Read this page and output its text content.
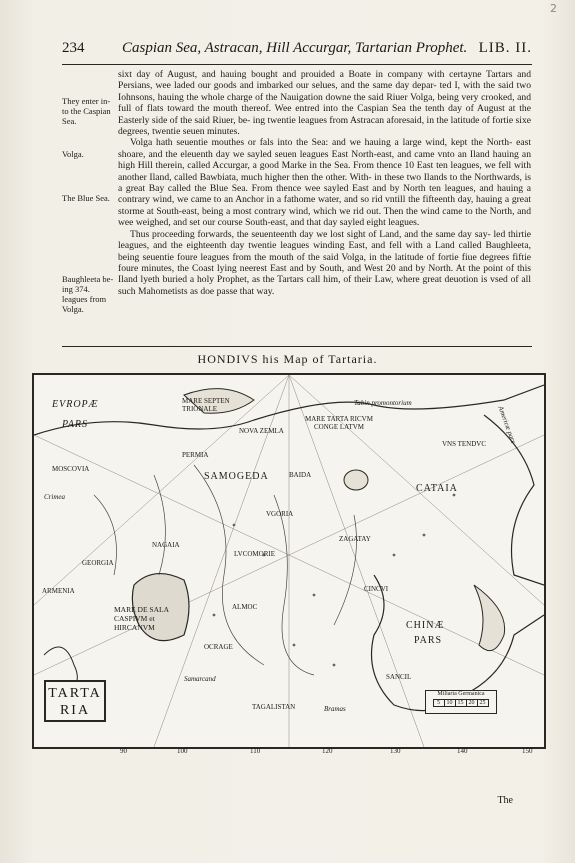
2
234	Caspian Sea, Astracan, Hill Accurgar, Tartarian Prophet. LIB. II.
They enter in- to the Caspian Sea.
Volga.
The Blue Sea.
Baughleeta be- ing 374. leagues from Volga.

sixt day of August, and hauing bought and prouided a Boate in company with certayne Tartars and Persians, wee laded our goods and imbarked our selues, and the same day depar- ted I, with the said two Iohnsons, hauing the whole charge of the Nauigation downe the said Riuer Volga, being very crooked, and full of flats toward the mouth thereof. Wee entred into the Caspian Sea the tenth day of August at the Easterly side of the said Riuer, be- ing twentie leagues from Astracan aforesaid, in the latitude of fortie sixe degrees, twentie seuen minutes.

Volga hath seuentie mouthes or fals into the Sea: and we hauing a large wind, kept the North- east shoare, and the eleuenth day we sayled seuen leagues East North-east, and came vnto an Iland hauing an high Hill therein, called Accurgar, a good Marke in the Sea. From thence 10 East ten leagues, we fell with another Iland, called Bawbiata, much higher then the other. With- in these two Ilands to the Northwards, is a great Bay called the Blue Sea. From thence wee sayled East and by North ten leagues, and hauing a contrary wind, we came to an Anchor in a fathome water, and so rid vntill the fifteenth day, hauing a great storme at South-east, being a most contrary wind, which we rid out. Then the wind came to the North, and wee weighed, and set our course South-east, and that day sayled eight leagues.

Thus proceeding forwards, the seuenteenth day we lost sight of Land, and the same day say- led thirtie leagues, and the eighteenth day twentie leagues winding East, and fell with a Land called Baughleeta, being seuentie foure leagues from the mouth of the said Volga, in the latitude of fortie fiue degrees fiftie foure minutes, the Coast lying neerest East and by South, and West 20 and by North. At the point of this Iland lyeth buried a holy Prophet, as the Tartars call him, of their Law, where great deuotion is vsed of all such Mahometists as doe passe that way.

HONDIVS his Map of Tartaria.
EVROPÆ
PARS
MOSCOVIA
Crimea
GEORGIA
ARMENIA
MARE DE SALA CASPIVM et HIRCANVM
NAGAIA
PERMIA
SAMOGEDA	BAIDA
VGORIA
LVCOMORIE
ALMOC
MARE TARTA RICVM CONGE LATVM
MARE SEPTEN TRIONALE
NOVA ZEMLA
VNS TENDVC
CATAIA
CHINÆ
PARS
TAGALISTAN
Americæ pars
Tabin promontorium
SANCIL
Bramas
ZAGATAY
CINCVI
OCRAGE
Samarcand
TARTA
RIA
Miliaria Germanica
5	10 15 20 25
90	100	110	120	130	140	150
The
